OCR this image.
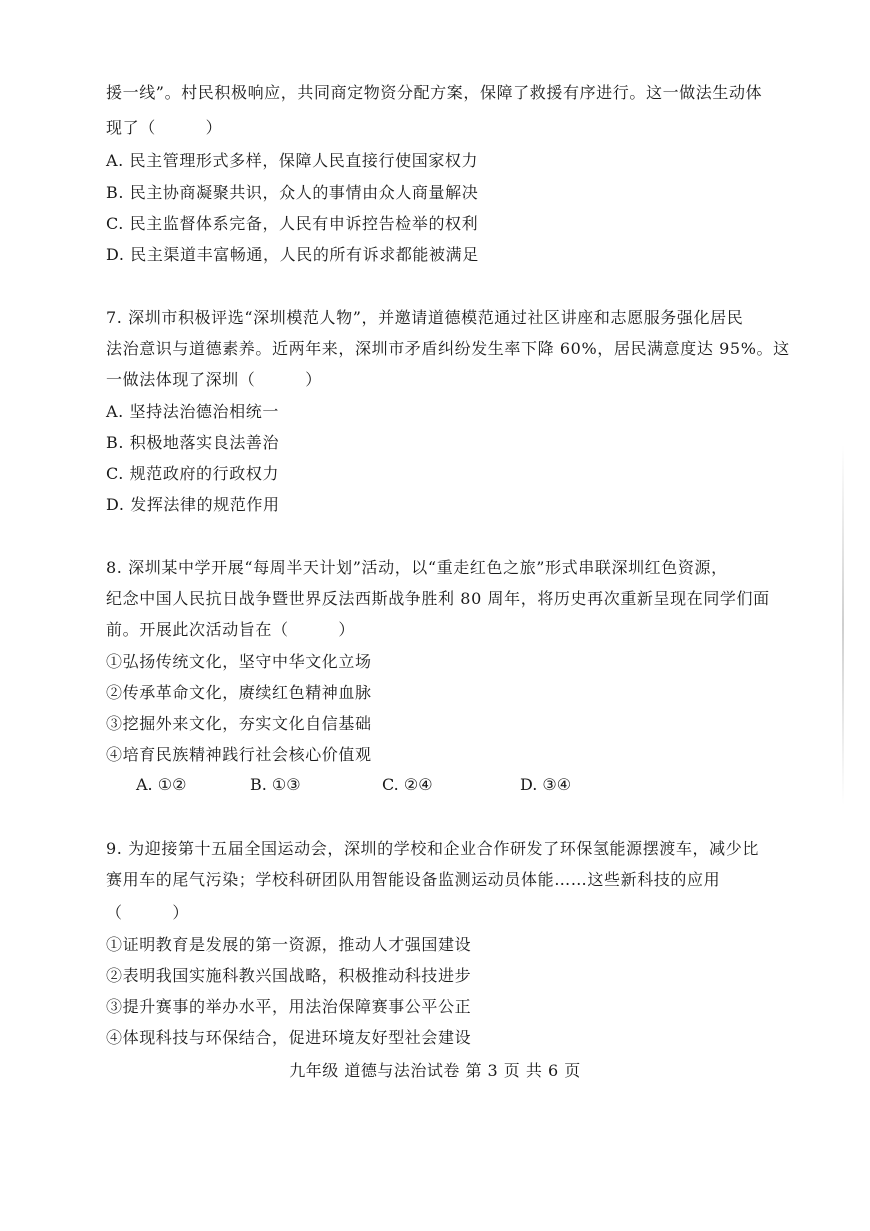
援一线”。村民积极响应，共同商定物资分配方案，保障了救援有序进行。这一做法生动体
现了（　　　）
A. 民主管理形式多样，保障人民直接行使国家权力
B. 民主协商凝聚共识，众人的事情由众人商量解决
C. 民主监督体系完备，人民有申诉控告检举的权利
D. 民主渠道丰富畅通，人民的所有诉求都能被满足
7. 深圳市积极评选“深圳模范人物”，并邀请道德模范通过社区讲座和志愿服务强化居民
法治意识与道德素养。近两年来，深圳市矛盾纠纷发生率下降 60%，居民满意度达 95%。这
一做法体现了深圳（　　　）
A. 坚持法治德治相统一
B. 积极地落实良法善治
C. 规范政府的行政权力
D. 发挥法律的规范作用
8. 深圳某中学开展“每周半天计划”活动，以“重走红色之旅”形式串联深圳红色资源，
纪念中国人民抗日战争暨世界反法西斯战争胜利 80 周年，将历史再次重新呈现在同学们面
前。开展此次活动旨在（　　　）
①弘扬传统文化，坚守中华文化立场
②传承革命文化，赓续红色精神血脉
③挖掘外来文化，夯实文化自信基础
④培育民族精神践行社会核心价值观
A. ①②	B. ①③	C. ②④	D. ③④
9. 为迎接第十五届全国运动会，深圳的学校和企业合作研发了环保氢能源摆渡车，减少比
赛用车的尾气污染；学校科研团队用智能设备监测运动员体能……这些新科技的应用
（　　　）
①证明教育是发展的第一资源，推动人才强国建设
②表明我国实施科教兴国战略，积极推动科技进步
③提升赛事的举办水平，用法治保障赛事公平公正
④体现科技与环保结合，促进环境友好型社会建设
九年级 道德与法治试卷 第 3 页 共 6 页
